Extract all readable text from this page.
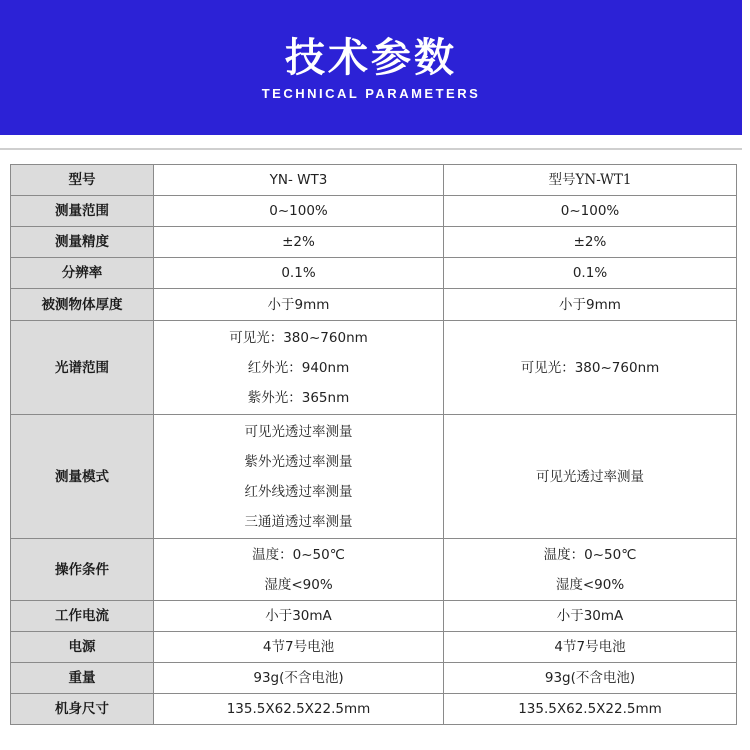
技术参数
TECHNICAL PARAMETERS
型号	YN- WT3	型号YN-WT1

测量范围	0~100%	0~100%

测量精度	±2%	±2%

分辨率	0.1%	0.1%

被测物体厚度	小于9mm	小于9mm

光谱范围	可见光：380~760nm
红外光：940nm
紫外光：365nm	可见光：380~760nm

测量模式	可见光透过率测量
紫外光透过率测量
红外线透过率测量
三通道透过率测量	可见光透过率测量

操作条件	温度：0~50℃
湿度<90%	温度：0~50℃
湿度<90%

工作电流	小于30mA	小于30mA

电源	4节7号电池	4节7号电池

重量	93g(不含电池)	93g(不含电池)

机身尺寸	135.5X62.5X22.5mm	135.5X62.5X22.5mm
